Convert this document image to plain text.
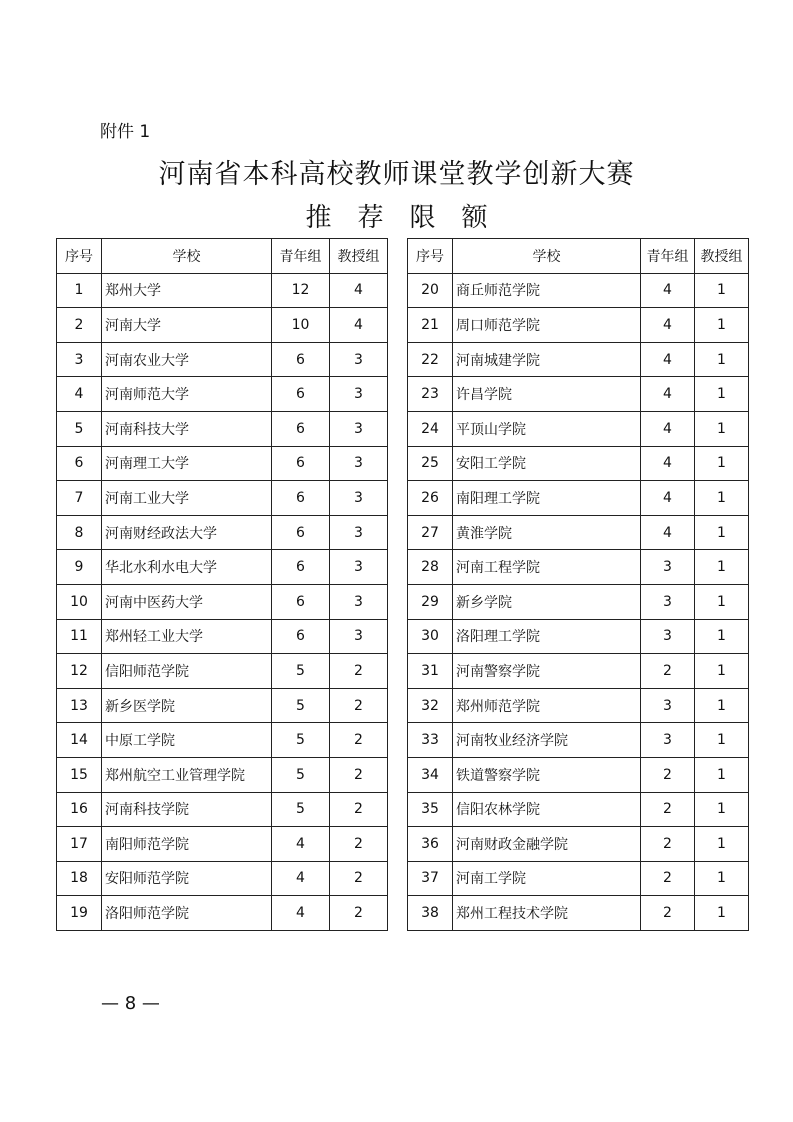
附件 1
河南省本科高校教师课堂教学创新大赛
推荐限额
序号	学校	青年组	教授组
1	郑州大学	12	4
2	河南大学	10	4
3	河南农业大学	6	3
4	河南师范大学	6	3
5	河南科技大学	6	3
6	河南理工大学	6	3
7	河南工业大学	6	3
8	河南财经政法大学	6	3
9	华北水利水电大学	6	3
10	河南中医药大学	6	3
11	郑州轻工业大学	6	3
12	信阳师范学院	5	2
13	新乡医学院	5	2
14	中原工学院	5	2
15	郑州航空工业管理学院	5	2
16	河南科技学院	5	2
17	南阳师范学院	4	2
18	安阳师范学院	4	2
19	洛阳师范学院	4	2
序号	学校	青年组	教授组
20	商丘师范学院	4	1
21	周口师范学院	4	1
22	河南城建学院	4	1
23	许昌学院	4	1
24	平顶山学院	4	1
25	安阳工学院	4	1
26	南阳理工学院	4	1
27	黄淮学院	4	1
28	河南工程学院	3	1
29	新乡学院	3	1
30	洛阳理工学院	3	1
31	河南警察学院	2	1
32	郑州师范学院	3	1
33	河南牧业经济学院	3	1
34	铁道警察学院	2	1
35	信阳农林学院	2	1
36	河南财政金融学院	2	1
37	河南工学院	2	1
38	郑州工程技术学院	2	1
— 8 —
